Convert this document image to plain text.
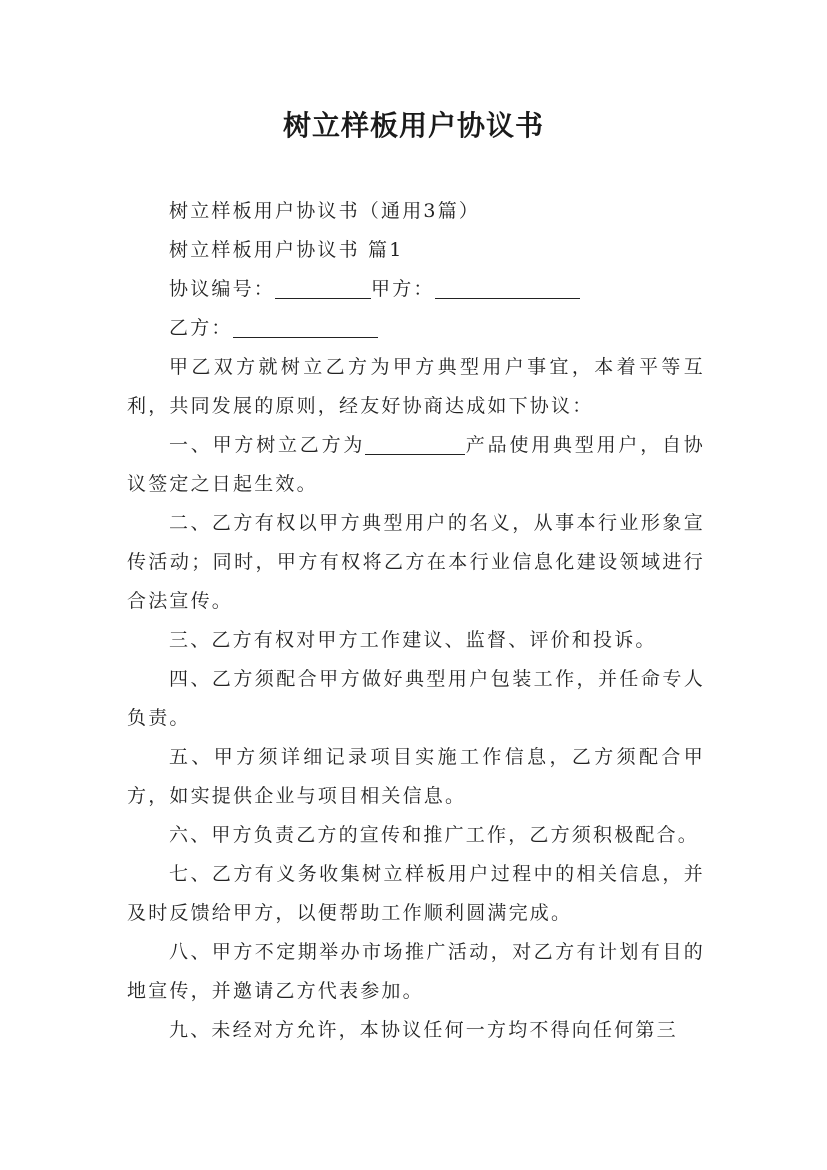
树立样板用户协议书

树立样板用户协议书（通用3篇）

树立样板用户协议书 篇1

协议编号：	甲方：

乙方：

甲乙双方就树立乙方为甲方典型用户事宜，本着平等互利，共同发展的原则，经友好协商达成如下协议：

一、甲方树立乙方为	产品使用典型用户，自协议签定之日起生效。

二、乙方有权以甲方典型用户的名义，从事本行业形象宣传活动；同时，甲方有权将乙方在本行业信息化建设领域进行合法宣传。

三、乙方有权对甲方工作建议、监督、评价和投诉。

四、乙方须配合甲方做好典型用户包装工作，并任命专人负责。

五、甲方须详细记录项目实施工作信息，乙方须配合甲方，如实提供企业与项目相关信息。

六、甲方负责乙方的宣传和推广工作，乙方须积极配合。

七、乙方有义务收集树立样板用户过程中的相关信息，并及时反馈给甲方，以便帮助工作顺利圆满完成。

八、甲方不定期举办市场推广活动，对乙方有计划有目的地宣传，并邀请乙方代表参加。

九、未经对方允许，本协议任何一方均不得向任何第三
